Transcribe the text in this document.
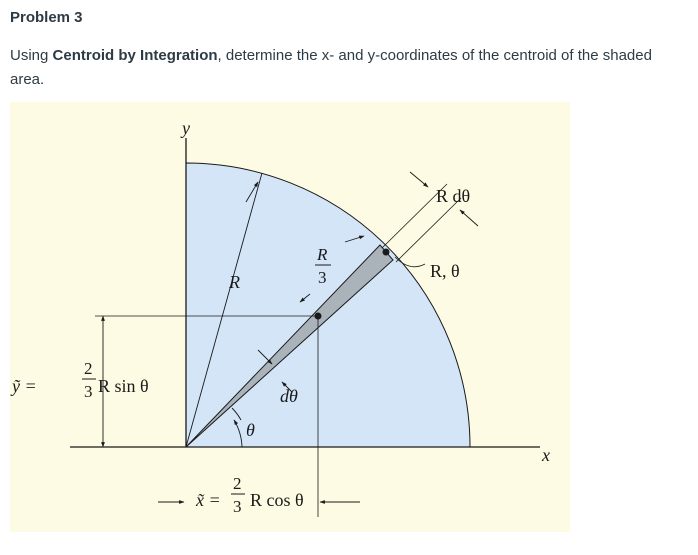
Problem 3
Using Centroid by Integration, determine the x- and y-coordinates of the centroid of the shaded area.
y
x
R
R
3
R dθ
R, θ
θ
dθ
ỹ =
2
3 R sin θ
x̃ =
2
3 R cos θ
